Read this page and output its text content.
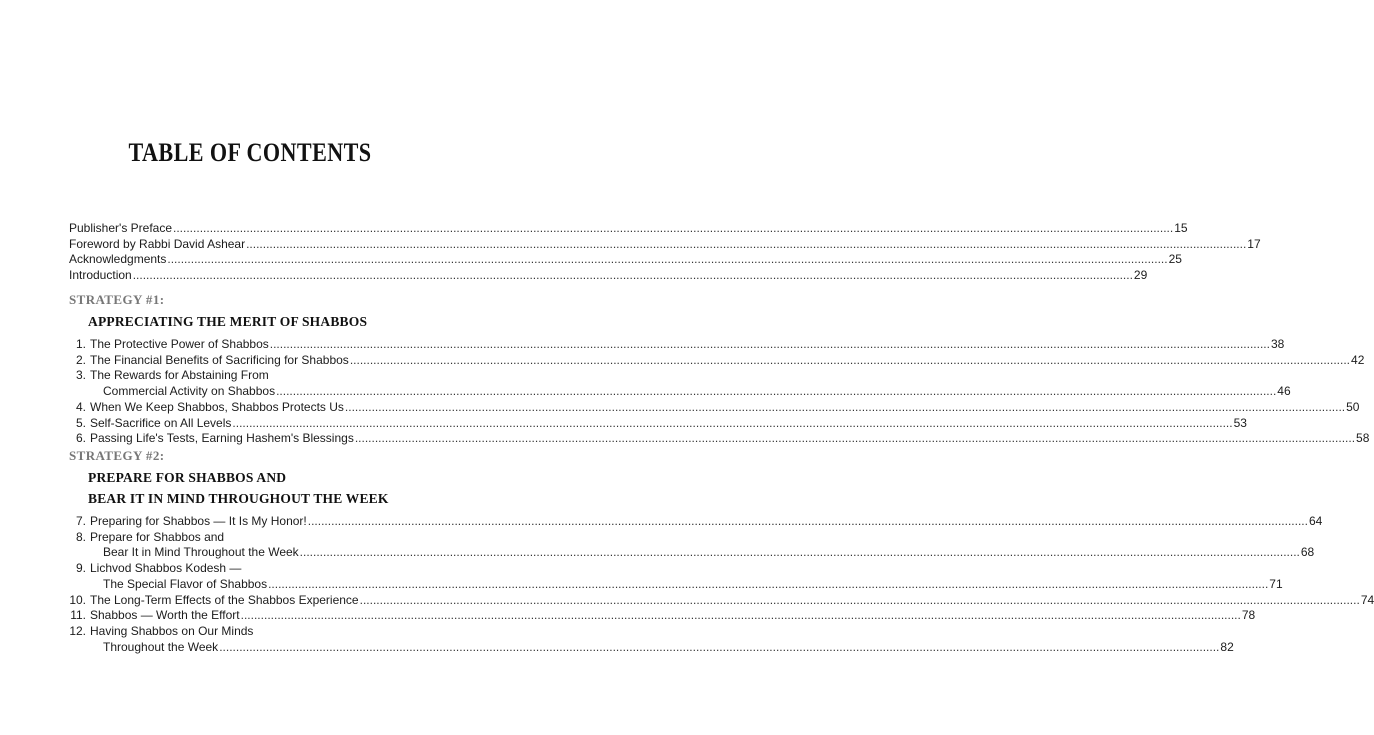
TABLE OF CONTENTS
Publisher's Preface ............................................................................................................................................................................................................................................................................................................ 15
Foreword by Rabbi David Ashear ............................................................................................................................................................................................................................................................................................................ 17
Acknowledgments ............................................................................................................................................................................................................................................................................................................ 25
Introduction ............................................................................................................................................................................................................................................................................................................ 29
STRATEGY #1:
APPRECIATING THE MERIT OF SHABBOS
1. The Protective Power of Shabbos ............................................................................................................................................................................................................................................................................................................ 38
2. The Financial Benefits of Sacrificing for Shabbos ............................................................................................................................................................................................................................................................................................................ 42
3. The Rewards for Abstaining From
Commercial Activity on Shabbos ............................................................................................................................................................................................................................................................................................................ 46
4. When We Keep Shabbos, Shabbos Protects Us ............................................................................................................................................................................................................................................................................................................ 50
5. Self-Sacrifice on All Levels ............................................................................................................................................................................................................................................................................................................ 53
6. Passing Life's Tests, Earning Hashem's Blessings ............................................................................................................................................................................................................................................................................................................ 58
STRATEGY #2:
PREPARE FOR SHABBOS AND
BEAR IT IN MIND THROUGHOUT THE WEEK
7. Preparing for Shabbos — It Is My Honor! ............................................................................................................................................................................................................................................................................................................ 64
8. Prepare for Shabbos and
Bear It in Mind Throughout the Week ............................................................................................................................................................................................................................................................................................................ 68
9. Lichvod Shabbos Kodesh —
The Special Flavor of Shabbos ............................................................................................................................................................................................................................................................................................................ 71
10. The Long-Term Effects of the Shabbos Experience ............................................................................................................................................................................................................................................................................................................ 74
11. Shabbos — Worth the Effort ............................................................................................................................................................................................................................................................................................................ 78
12. Having Shabbos on Our Minds
Throughout the Week ............................................................................................................................................................................................................................................................................................................ 82
